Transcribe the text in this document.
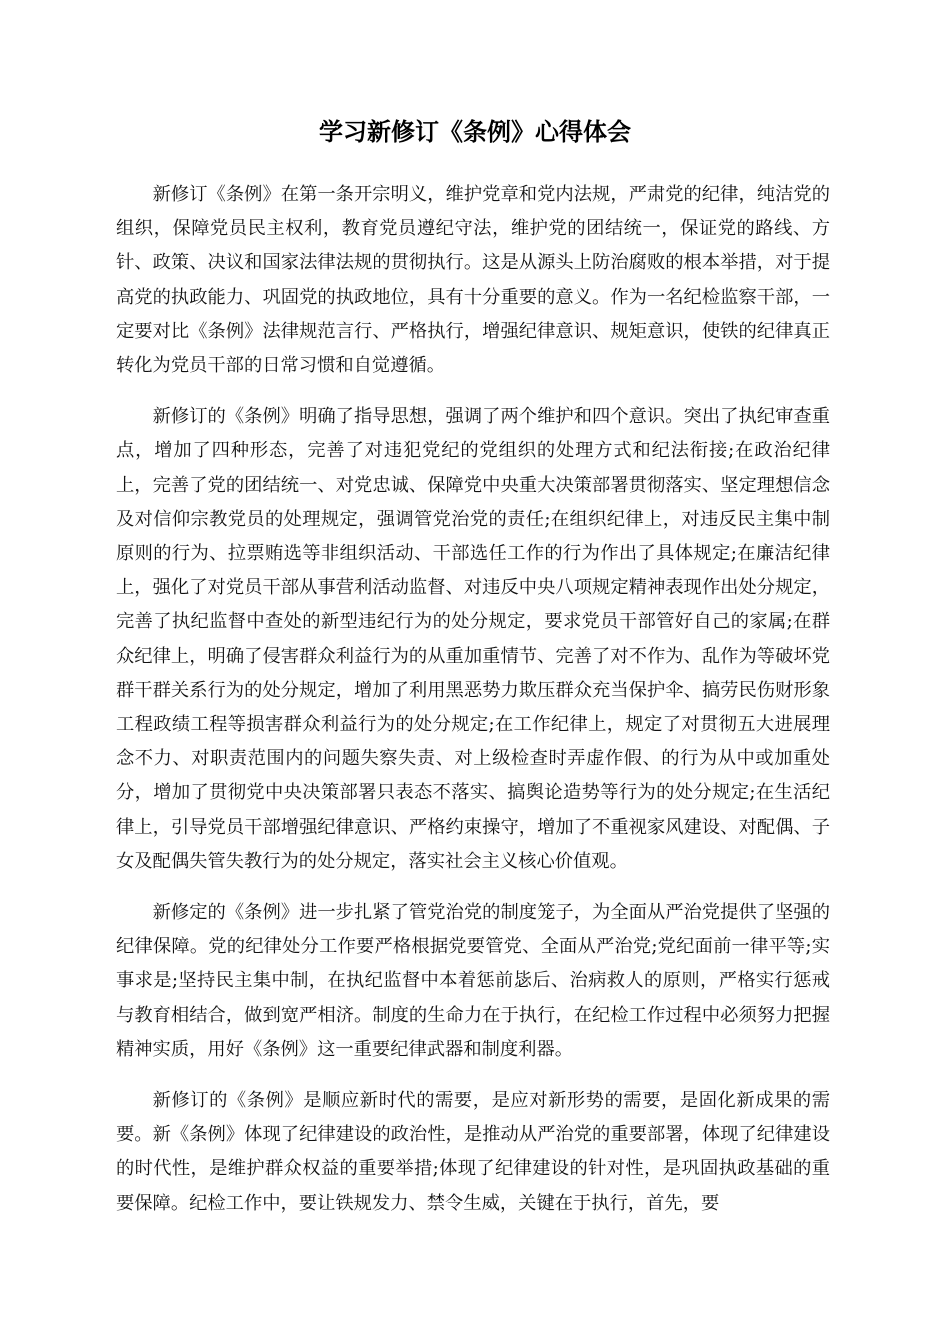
学习新修订《条例》心得体会

新修订《条例》在第一条开宗明义，维护党章和党内法规，严肃党的纪律，纯洁党的组织，保障党员民主权利，教育党员遵纪守法，维护党的团结统一，保证党的路线、方针、政策、决议和国家法律法规的贯彻执行。这是从源头上防治腐败的根本举措，对于提高党的执政能力、巩固党的执政地位，具有十分重要的意义。作为一名纪检监察干部，一定要对比《条例》法律规范言行、严格执行，增强纪律意识、规矩意识，使铁的纪律真正转化为党员干部的日常习惯和自觉遵循。

新修订的《条例》明确了指导思想，强调了两个维护和四个意识。突出了执纪审查重点，增加了四种形态，完善了对违犯党纪的党组织的处理方式和纪法衔接;在政治纪律上，完善了党的团结统一、对党忠诚、保障党中央重大决策部署贯彻落实、坚定理想信念及对信仰宗教党员的处理规定，强调管党治党的责任;在组织纪律上，对违反民主集中制原则的行为、拉票贿选等非组织活动、干部选任工作的行为作出了具体规定;在廉洁纪律上，强化了对党员干部从事营利活动监督、对违反中央八项规定精神表现作出处分规定，完善了执纪监督中查处的新型违纪行为的处分规定，要求党员干部管好自己的家属;在群众纪律上，明确了侵害群众利益行为的从重加重情节、完善了对不作为、乱作为等破坏党群干群关系行为的处分规定，增加了利用黑恶势力欺压群众充当保护伞、搞劳民伤财形象工程政绩工程等损害群众利益行为的处分规定;在工作纪律上，规定了对贯彻五大进展理念不力、对职责范围内的问题失察失责、对上级检查时弄虚作假、的行为从中或加重处分，增加了贯彻党中央决策部署只表态不落实、搞舆论造势等行为的处分规定;在生活纪律上，引导党员干部增强纪律意识、严格约束操守，增加了不重视家风建设、对配偶、子女及配偶失管失教行为的处分规定，落实社会主义核心价值观。

新修定的《条例》进一步扎紧了管党治党的制度笼子，为全面从严治党提供了坚强的纪律保障。党的纪律处分工作要严格根据党要管党、全面从严治党;党纪面前一律平等;实事求是;坚持民主集中制，在执纪监督中本着惩前毖后、治病救人的原则，严格实行惩戒与教育相结合，做到宽严相济。制度的生命力在于执行，在纪检工作过程中必须努力把握精神实质，用好《条例》这一重要纪律武器和制度利器。

新修订的《条例》是顺应新时代的需要，是应对新形势的需要，是固化新成果的需要。新《条例》体现了纪律建设的政治性，是推动从严治党的重要部署，体现了纪律建设的时代性，是维护群众权益的重要举措;体现了纪律建设的针对性，是巩固执政基础的重要保障。纪检工作中，要让铁规发力、禁令生威，关键在于执行，首先，要
